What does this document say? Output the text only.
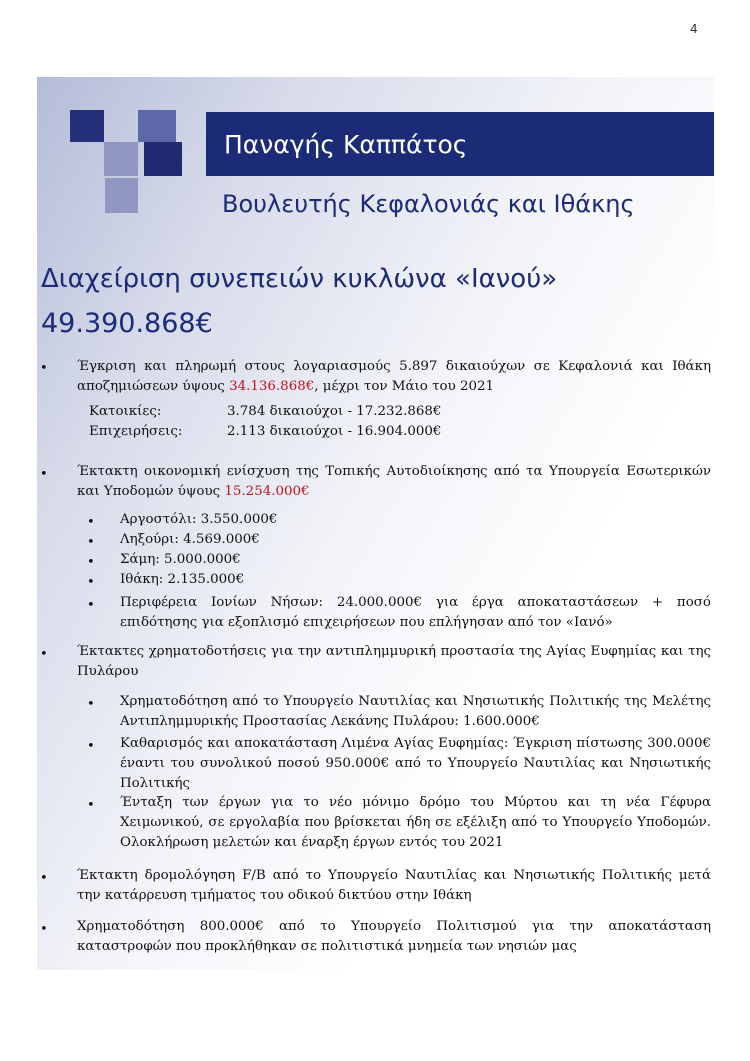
4
Παναγής Καππάτος
Βουλευτής Κεφαλονιάς και Ιθάκης
Διαχείριση συνεπειών κυκλώνα «Ιανού»
49.390.868€
• Έγκριση και πληρωμή στους λογαριασμούς 5.897 δικαιούχων σε Κεφαλονιά και Ιθάκη αποζημιώσεων ύψους 34.136.868€, μέχρι τον Μάιο του 2021
Κατοικίες:	3.784 δικαιούχοι - 17.232.868€
Επιχειρήσεις:	2.113 δικαιούχοι - 16.904.000€
• Έκτακτη οικονομική ενίσχυση της Τοπικής Αυτοδιοίκησης από τα Υπουργεία Εσωτερικών και Υποδομών ύψους 15.254.000€
• Αργοστόλι: 3.550.000€
• Ληξούρι: 4.569.000€
• Σάμη: 5.000.000€
• Ιθάκη: 2.135.000€
• Περιφέρεια Ιονίων Νήσων: 24.000.000€ για έργα αποκαταστάσεων + ποσό επιδότησης για εξοπλισμό επιχειρήσεων που επλήγησαν από τον «Ιανό»
• Έκτακτες χρηματοδοτήσεις για την αντιπλημμυρική προστασία της Αγίας Ευφημίας και της Πυλάρου
• Χρηματοδότηση από το Υπουργείο Ναυτιλίας και Νησιωτικής Πολιτικής της Μελέτης Αντιπλημμυρικής Προστασίας Λεκάνης Πυλάρου: 1.600.000€
• Καθαρισμός και αποκατάσταση Λιμένα Αγίας Ευφημίας: Έγκριση πίστωσης 300.000€ έναντι του συνολικού ποσού 950.000€ από το Υπουργείο Ναυτιλίας και Νησιωτικής Πολιτικής
• Ένταξη των έργων για το νέο μόνιμο δρόμο του Μύρτου και τη νέα Γέφυρα Χειμωνικού, σε εργολαβία που βρίσκεται ήδη σε εξέλιξη από το Υπουργείο Υποδομών. Ολοκλήρωση μελετών και έναρξη έργων εντός του 2021
• Έκτακτη δρομολόγηση F/B από το Υπουργείο Ναυτιλίας και Νησιωτικής Πολιτικής μετά την κατάρρευση τμήματος του οδικού δικτύου στην Ιθάκη
• Χρηματοδότηση 800.000€ από το Υπουργείο Πολιτισμού για την αποκατάσταση καταστροφών που προκλήθηκαν σε πολιτιστικά μνημεία των νησιών μας
